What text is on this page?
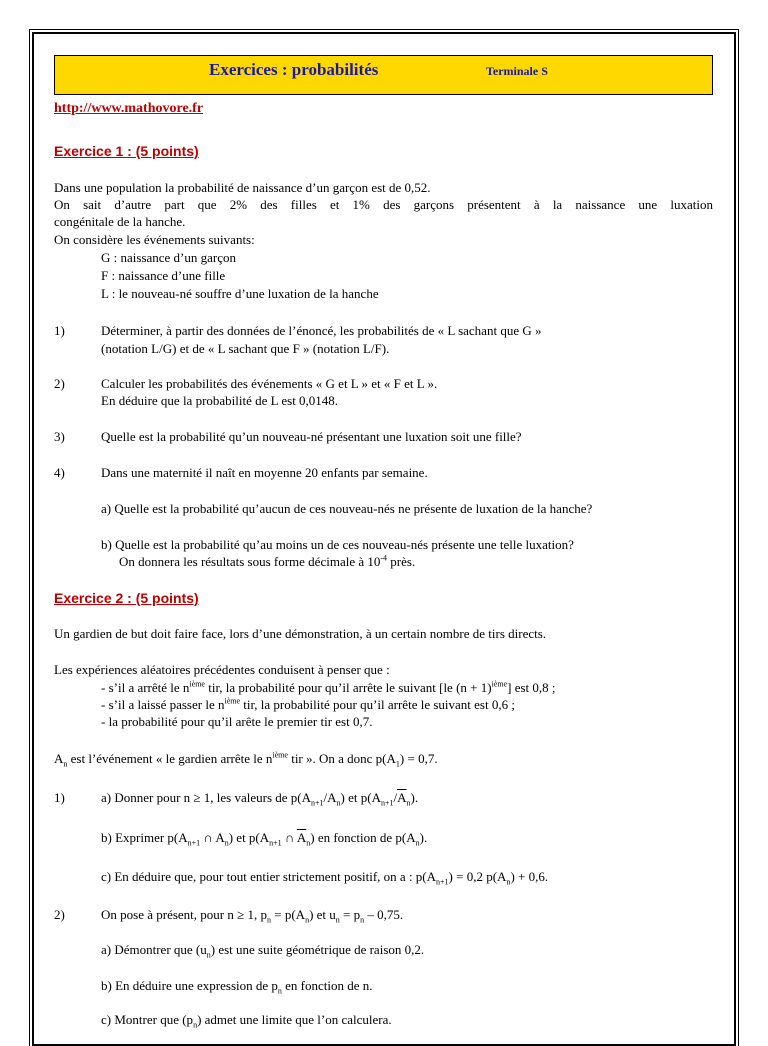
Exercices : probabilités	Terminale S
http://www.mathovore.fr
Exercice 1 : (5 points)
Dans une population la probabilité de naissance d’un garçon est de 0,52.
On sait d’autre part que 2% des filles et 1% des garçons présentent à la naissance une luxation
congénitale de la hanche.
On considère les événements suivants:
G : naissance d’un garçon
F : naissance d’une fille
L : le nouveau-né souffre d’une luxation de la hanche
1)	Déterminer, à partir des données de l’énoncé, les probabilités de « L sachant que G »
(notation L/G) et de « L sachant que F » (notation L/F).
2)	Calculer les probabilités des événements « G et L » et « F et L ».
En déduire que la probabilité de L est 0,0148.
3)	Quelle est la probabilité qu’un nouveau-né présentant une luxation soit une fille?
4)	Dans une maternité il naît en moyenne 20 enfants par semaine.
a) Quelle est la probabilité qu’aucun de ces nouveau-nés ne présente de luxation de la hanche?
b) Quelle est la probabilité qu’au moins un de ces nouveau-nés présente une telle luxation?
On donnera les résultats sous forme décimale à $10^{-4}$ près.
Exercice 2 : (5 points)
Un gardien de but doit faire face, lors d’une démonstration, à un certain nombre de tirs directs.
Les expériences aléatoires précédentes conduisent à penser que :
- s’il a arrêté le $n^{ième}$ tir, la probabilité pour qu’il arrête le suivant [le $(n + 1)^{ième}$] est 0,8 ;
- s’il a laissé passer le $n^{ième}$ tir, la probabilité pour qu’il arrête le suivant est 0,6 ;
- la probabilité pour qu’il arête le premier tir est 0,7.
$A_n$ est l’événement « le gardien arrête le $n^{ième}$ tir ». On a donc $p(A_1) = 0,7$.
1)	a) Donner pour n ≥ 1, les valeurs de $p(A_{n+1}/A_n)$ et $p(A_{n+1}/\overline{A}_n)$.
b) Exprimer $p(A_{n+1}$ ∩ $A_n$) et $p(A_{n+1}$ ∩ $\overline{A}_n$) en fonction de $p(A_n)$.
c) En déduire que, pour tout entier strictement positif, on a : $p(A_{n+1}) = 0,2$ $p(A_n) + 0,6$.
2)	On pose à présent, pour n ≥ 1, $p_n = p(A_n)$ et $u_n = p_n - 0,75$.
a) Démontrer que $(u_n)$ est une suite géométrique de raison 0,2.
b) En déduire une expression de $p_n$ en fonction de n.
c) Montrer que $(p_n)$ admet une limite que l’on calculera.
